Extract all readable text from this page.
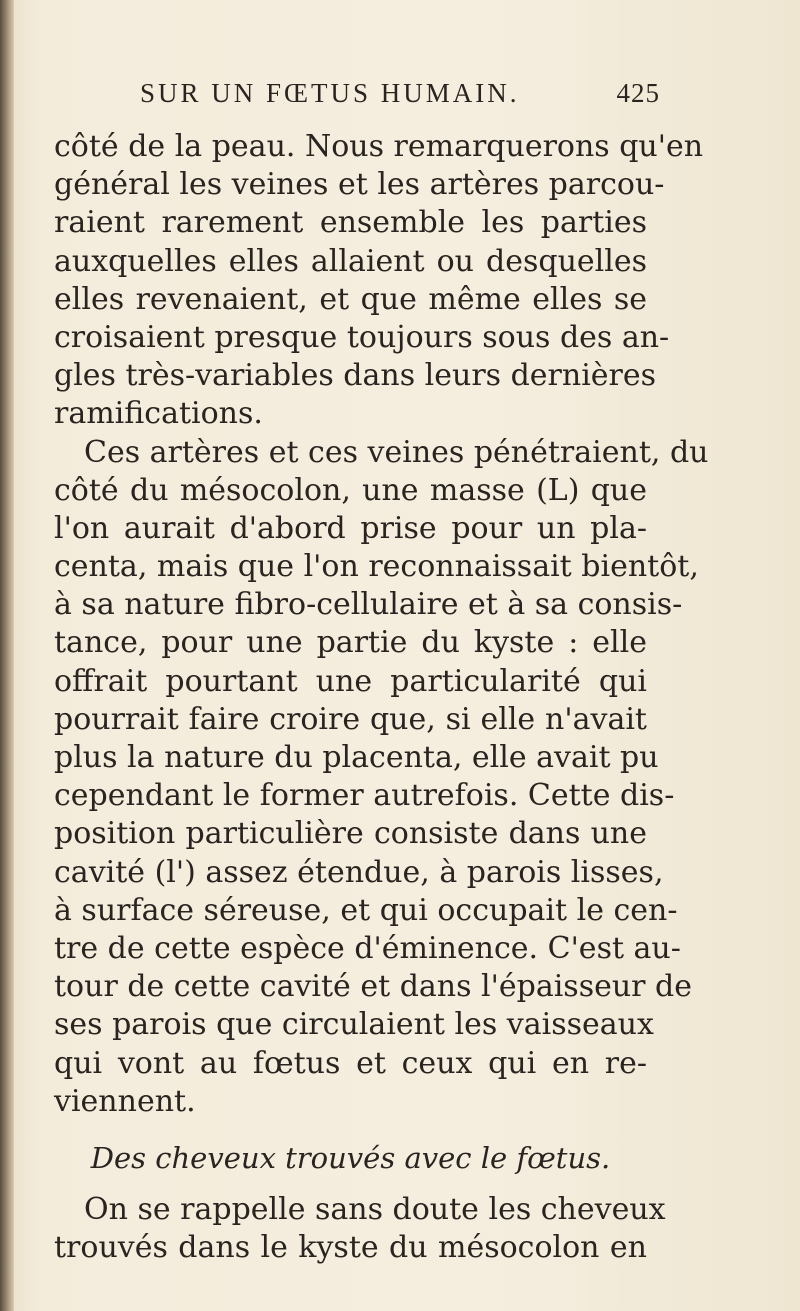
SUR UN FŒTUS HUMAIN.	425
côté de la peau. Nous remarquerons qu'en
général les veines et les artères parcou-
raient rarement ensemble les parties
auxquelles elles allaient ou desquelles
elles revenaient, et que même elles se
croisaient presque toujours sous des an-
gles très-variables dans leurs dernières
ramifications.
Ces artères et ces veines pénétraient, du
côté du mésocolon, une masse (L) que
l'on aurait d'abord prise pour un pla-
centa, mais que l'on reconnaissait bientôt,
à sa nature fibro-cellulaire et à sa consis-
tance, pour une partie du kyste : elle
offrait pourtant une particularité qui
pourrait faire croire que, si elle n'avait
plus la nature du placenta, elle avait pu
cependant le former autrefois. Cette dis-
position particulière consiste dans une
cavité (l') assez étendue, à parois lisses,
à surface séreuse, et qui occupait le cen-
tre de cette espèce d'éminence. C'est au-
tour de cette cavité et dans l'épaisseur de
ses parois que circulaient les vaisseaux
qui vont au fœtus et ceux qui en re-
viennent.
Des cheveux trouvés avec le fœtus.
On se rappelle sans doute les cheveux
trouvés dans le kyste du mésocolon en
